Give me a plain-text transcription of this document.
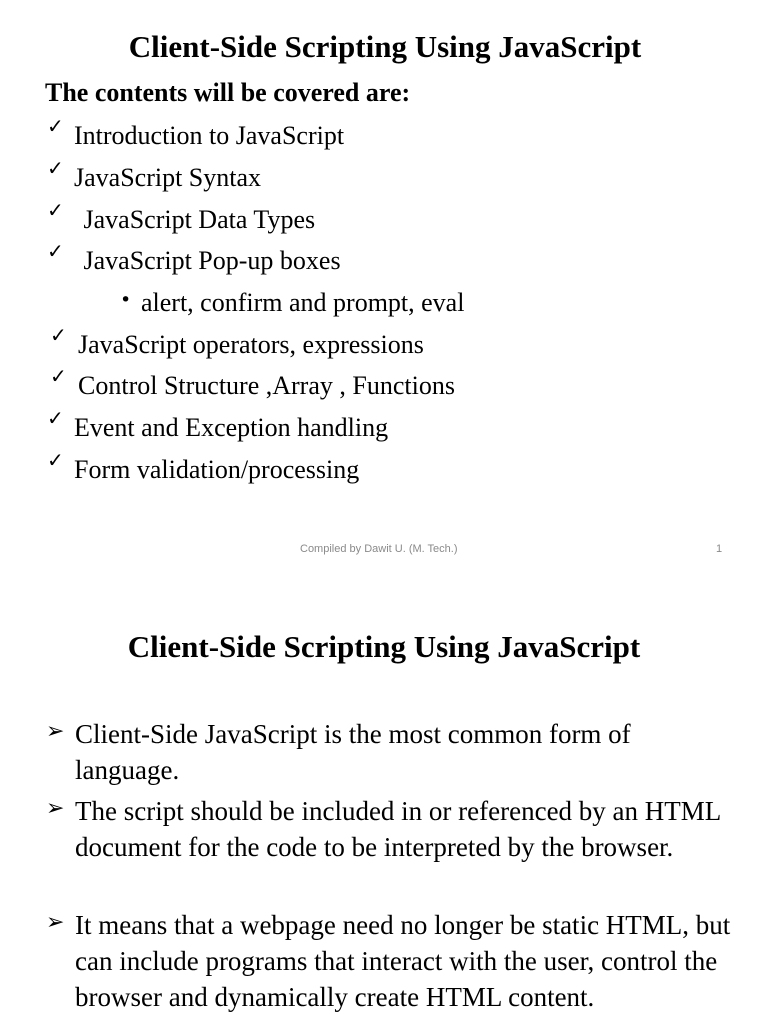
Client-Side Scripting Using JavaScript
The contents will be covered are:
✓ Introduction to JavaScript
✓ JavaScript Syntax
✓ JavaScript Data Types
✓ JavaScript Pop-up boxes
• alert, confirm and prompt, eval
✓ JavaScript operators, expressions
✓ Control Structure ,Array , Functions
✓ Event and Exception handling
✓ Form validation/processing
Compiled by Dawit U. (M. Tech.)	1
Client-Side Scripting Using JavaScript
➢ Client-Side JavaScript is the most common form of language.
➢ The script should be included in or referenced by an HTML document for the code to be interpreted by the browser.
➢ It means that a webpage need no longer be static HTML, but can include programs that interact with the user, control the browser and dynamically create HTML content.
